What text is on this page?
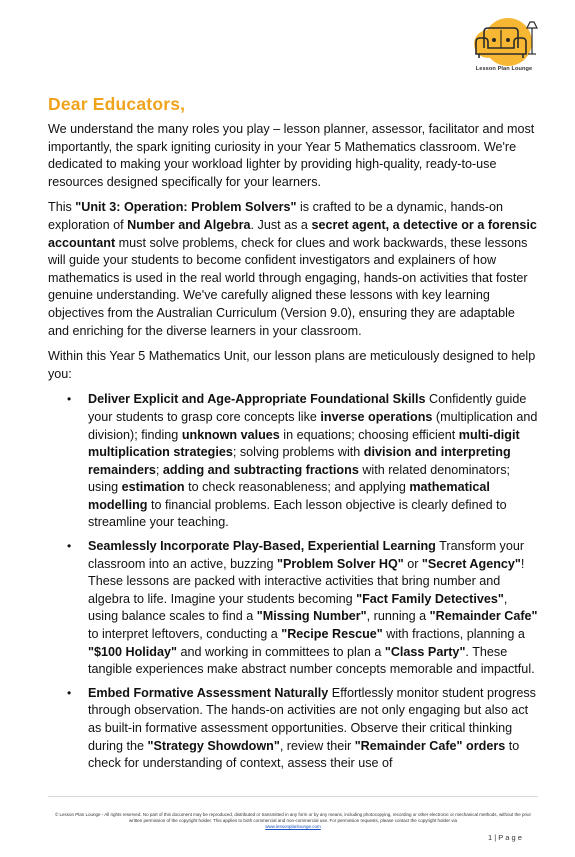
Lesson Plan Lounge
Dear Educators,

We understand the many roles you play – lesson planner, assessor, facilitator and most importantly, the spark igniting curiosity in your Year 5 Mathematics classroom. We're dedicated to making your workload lighter by providing high-quality, ready-to-use resources designed specifically for your learners.

This "Unit 3: Operation: Problem Solvers" is crafted to be a dynamic, hands-on exploration of Number and Algebra. Just as a secret agent, a detective or a forensic accountant must solve problems, check for clues and work backwards, these lessons will guide your students to become confident investigators and explainers of how mathematics is used in the real world through engaging, hands-on activities that foster genuine understanding. We've carefully aligned these lessons with key learning objectives from the Australian Curriculum (Version 9.0), ensuring they are adaptable and enriching for the diverse learners in your classroom.

Within this Year 5 Mathematics Unit, our lesson plans are meticulously designed to help you:

• Deliver Explicit and Age-Appropriate Foundational Skills Confidently guide your students to grasp core concepts like inverse operations (multiplication and division); finding unknown values in equations; choosing efficient multi-digit multiplication strategies; solving problems with division and interpreting remainders; adding and subtracting fractions with related denominators; using estimation to check reasonableness; and applying mathematical modelling to financial problems. Each lesson objective is clearly defined to streamline your teaching.
• Seamlessly Incorporate Play-Based, Experiential Learning Transform your classroom into an active, buzzing "Problem Solver HQ" or "Secret Agency"! These lessons are packed with interactive activities that bring number and algebra to life. Imagine your students becoming "Fact Family Detectives", using balance scales to find a "Missing Number", running a "Remainder Cafe" to interpret leftovers, conducting a "Recipe Rescue" with fractions, planning a "$100 Holiday" and working in committees to plan a "Class Party". These tangible experiences make abstract number concepts memorable and impactful.
• Embed Formative Assessment Naturally Effortlessly monitor student progress through observation. The hands-on activities are not only engaging but also act as built-in formative assessment opportunities. Observe their critical thinking during the "Strategy Showdown", review their "Remainder Cafe" orders to check for understanding of context, assess their use of
© Lesson Plan Lounge - All rights reserved. No part of this document may be reproduced, distributed or transmitted in any form or by any means, including photocopying, recording or other electronic or mechanical methods, without the prior written permission of the copyright holder. This applies to both commercial and non-commercial use. For permission requests, please contact the copyright holder via
www.lessonplanlounge.com
1 | P a g e
